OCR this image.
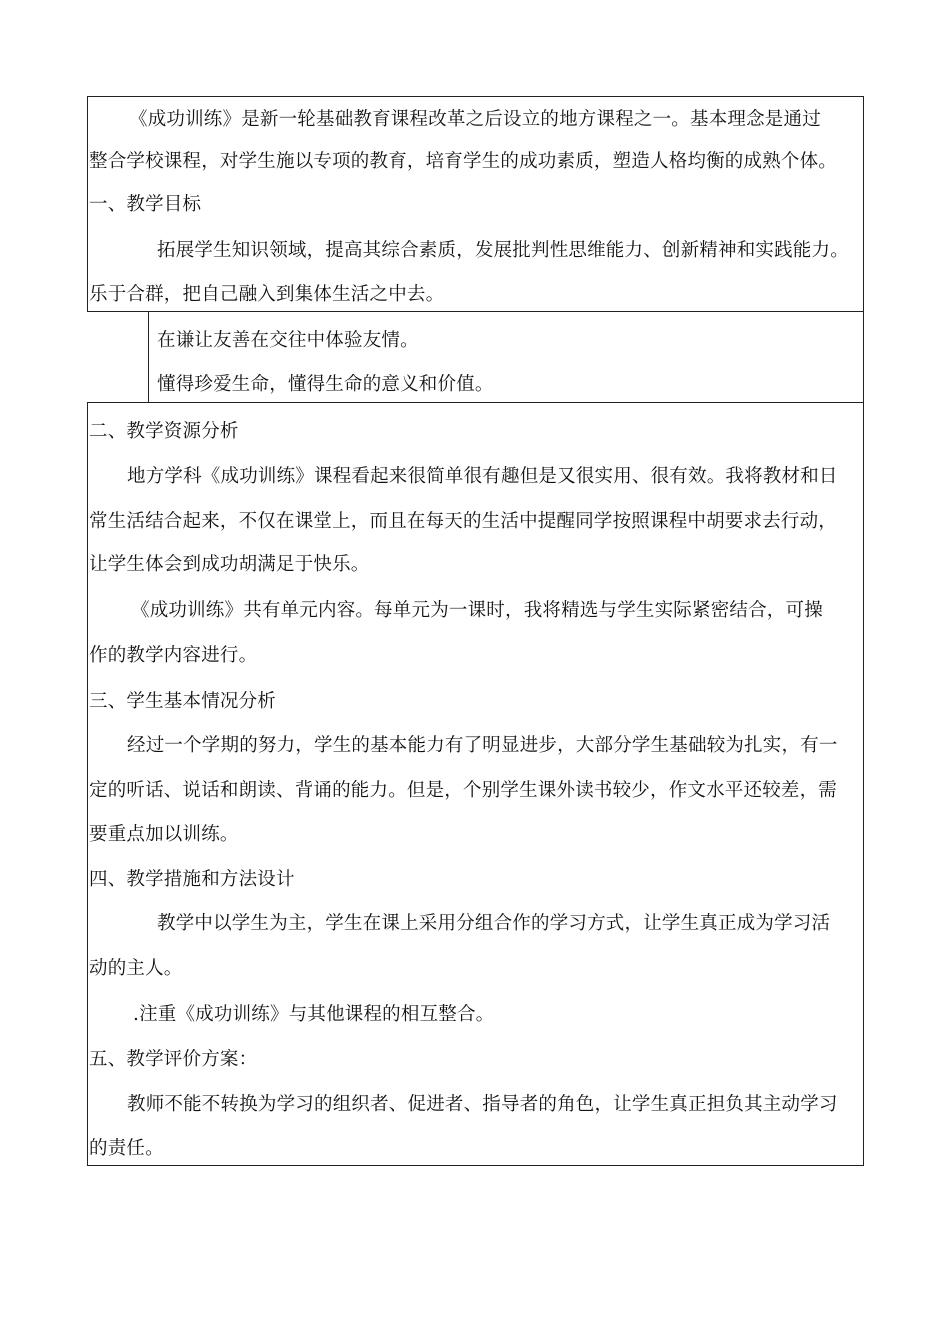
《成功训练》是新一轮基础教育课程改革之后设立的地方课程之一。基本理念是通过
整合学校课程，对学生施以专项的教育，培育学生的成功素质，塑造人格均衡的成熟个体。
一、教学目标
拓展学生知识领域，提高其综合素质，发展批判性思维能力、创新精神和实践能力。
乐于合群，把自己融入到集体生活之中去。
在谦让友善在交往中体验友情。
懂得珍爱生命，懂得生命的意义和价值。
二、教学资源分析
地方学科《成功训练》课程看起来很简单很有趣但是又很实用、很有效。我将教材和日
常生活结合起来，不仅在课堂上，而且在每天的生活中提醒同学按照课程中胡要求去行动，
让学生体会到成功胡满足于快乐。
《成功训练》共有单元内容。每单元为一课时，我将精选与学生实际紧密结合，可操
作的教学内容进行。
三、学生基本情况分析
经过一个学期的努力，学生的基本能力有了明显进步，大部分学生基础较为扎实，有一
定的听话、说话和朗读、背诵的能力。但是，个别学生课外读书较少，作文水平还较差，需
要重点加以训练。
四、教学措施和方法设计
教学中以学生为主，学生在课上采用分组合作的学习方式，让学生真正成为学习活
动的主人。
.注重《成功训练》与其他课程的相互整合。
五、教学评价方案：
教师不能不转换为学习的组织者、促进者、指导者的角色，让学生真正担负其主动学习
的责任。
